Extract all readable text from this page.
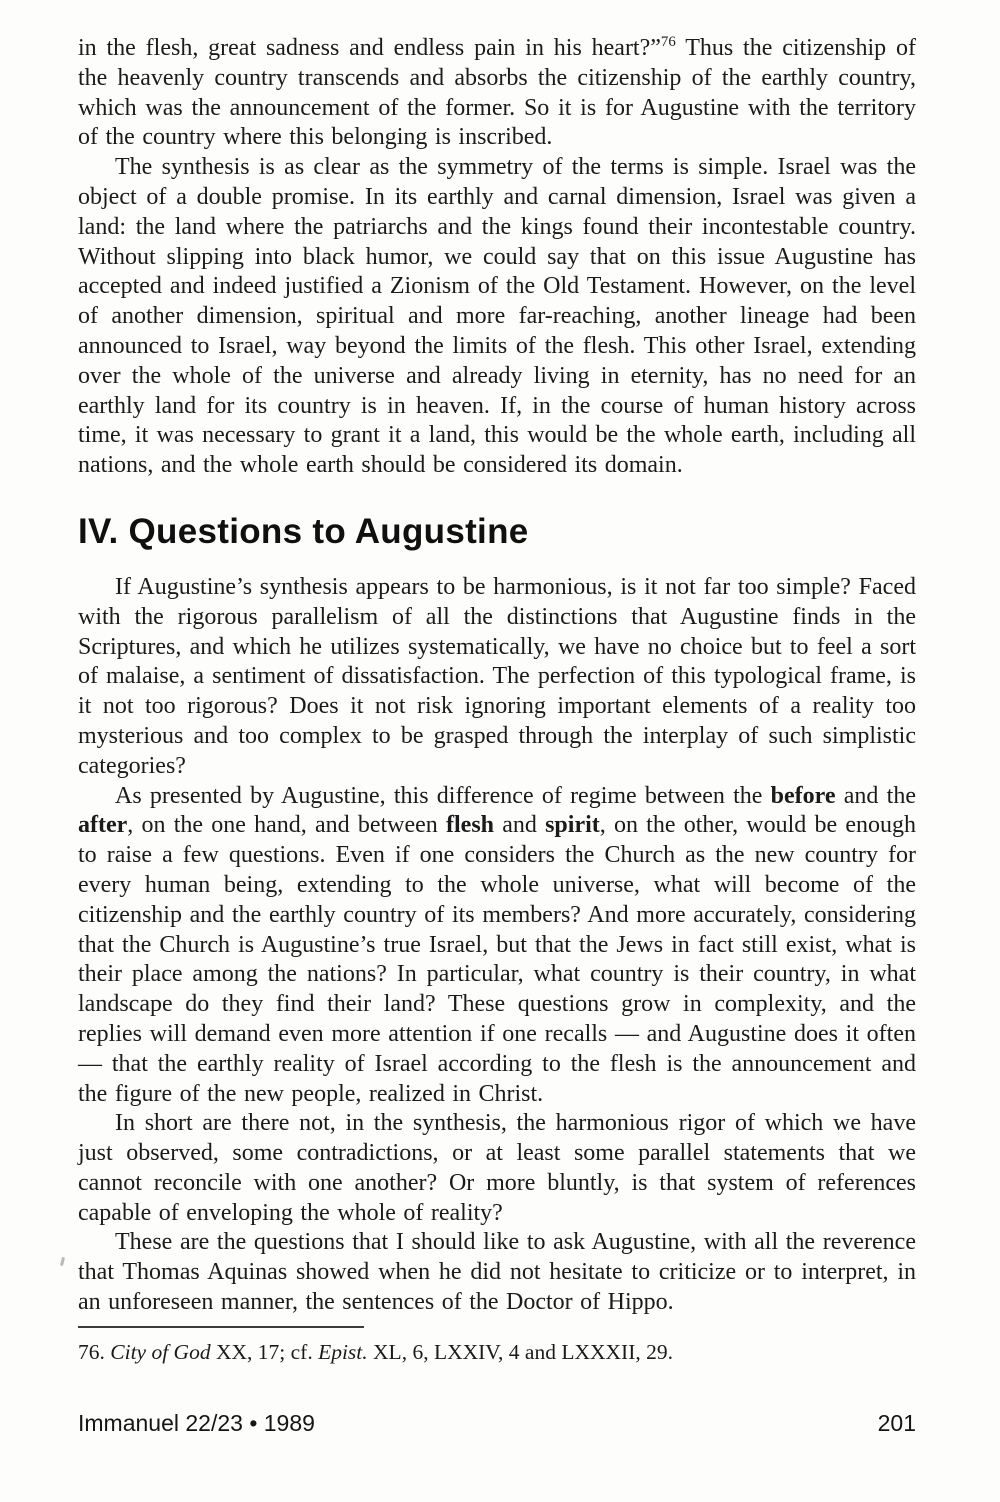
in the flesh, great sadness and endless pain in his heart?”$^{76}$ Thus the citizenship of the heavenly country transcends and absorbs the citizenship of the earthly country, which was the announcement of the former. So it is for Augustine with the territory of the country where this belonging is inscribed.

The synthesis is as clear as the symmetry of the terms is simple. Israel was the object of a double promise. In its earthly and carnal dimension, Israel was given a land: the land where the patriarchs and the kings found their incontestable country. Without slipping into black humor, we could say that on this issue Augustine has accepted and indeed justified a Zionism of the Old Testament. However, on the level of another dimension, spiritual and more far-reaching, another lineage had been announced to Israel, way beyond the limits of the flesh. This other Israel, extending over the whole of the universe and already living in eternity, has no need for an earthly land for its country is in heaven. If, in the course of human history across time, it was necessary to grant it a land, this would be the whole earth, including all nations, and the whole earth should be considered its domain.

IV. Questions to Augustine

If Augustine’s synthesis appears to be harmonious, is it not far too simple? Faced with the rigorous parallelism of all the distinctions that Augustine finds in the Scriptures, and which he utilizes systematically, we have no choice but to feel a sort of malaise, a sentiment of dissatisfaction. The perfection of this typological frame, is it not too rigorous? Does it not risk ignoring important elements of a reality too mysterious and too complex to be grasped through the interplay of such simplistic categories?

As presented by Augustine, this difference of regime between the before and the after, on the one hand, and between flesh and spirit, on the other, would be enough to raise a few questions. Even if one considers the Church as the new country for every human being, extending to the whole universe, what will become of the citizenship and the earthly country of its members? And more accurately, considering that the Church is Augustine’s true Israel, but that the Jews in fact still exist, what is their place among the nations? In particular, what country is their country, in what landscape do they find their land? These questions grow in complexity, and the replies will demand even more attention if one recalls — and Augustine does it often — that the earthly reality of Israel according to the flesh is the announcement and the figure of the new people, realized in Christ.

In short are there not, in the synthesis, the harmonious rigor of which we have just observed, some contradictions, or at least some parallel statements that we cannot reconcile with one another? Or more bluntly, is that system of references capable of enveloping the whole of reality?

These are the questions that I should like to ask Augustine, with all the reverence that Thomas Aquinas showed when he did not hesitate to criticize or to interpret, in an unforeseen manner, the sentences of the Doctor of Hippo.

76. City of God XX, 17; cf. Epist. XL, 6, LXXIV, 4 and LXXXII, 29.
Immanuel 22/23 • 1989	201
